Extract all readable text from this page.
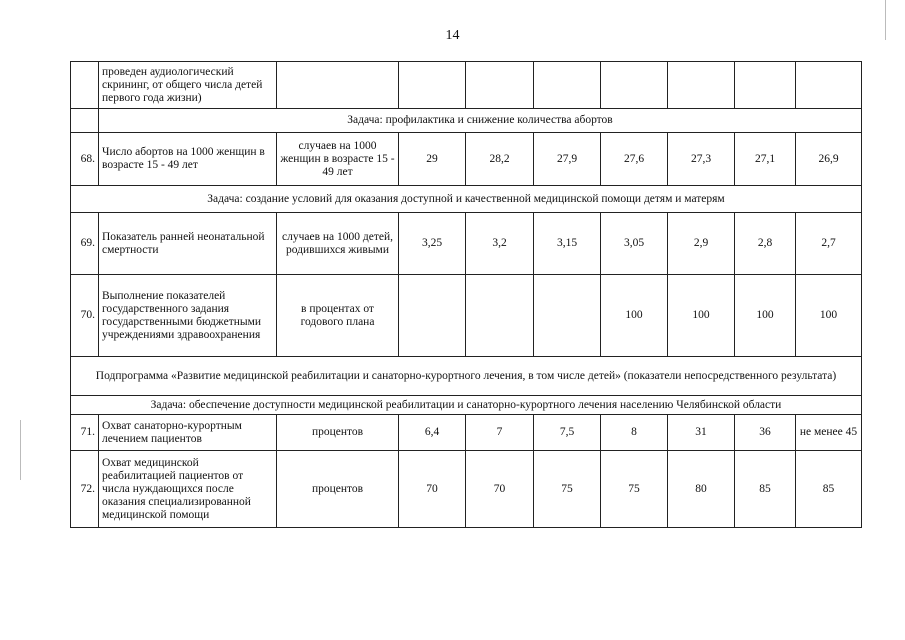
14
	проведен аудиологический скрининг, от общего числа детей первого года жизни)								
	Задача: профилактика и снижение количества абортов								
68.	Число абортов на 1000 женщин в возрасте 15 - 49 лет	случаев на 1000 женщин в возрасте 15 - 49 лет	29	28,2	27,9	27,6	27,3	27,1	26,9
Задача: создание условий для оказания доступной и качественной медицинской помощи детям и матерям									
69.	Показатель ранней неонатальной смертности	случаев на 1000 детей, родившихся живыми	3,25	3,2	3,15	3,05	2,9	2,8	2,7
70.	Выполнение показателей государственного задания государственными бюджетными учреждениями здравоохранения	в процентах от годового плана				100	100	100	100
Подпрограмма «Развитие медицинской реабилитации и санаторно-курортного лечения, в том числе детей» (показатели непосредственного результата)									
Задача: обеспечение доступности медицинской реабилитации и санаторно-курортного лечения населению Челябинской области									
71.	Охват санаторно-курортным лечением пациентов	процентов	6,4	7	7,5	8	31	36	не менее 45
72.	Охват медицинской реабилитацией пациентов от числа нуждающихся после оказания специализированной медицинской помощи	процентов	70	70	75	75	80	85	85
